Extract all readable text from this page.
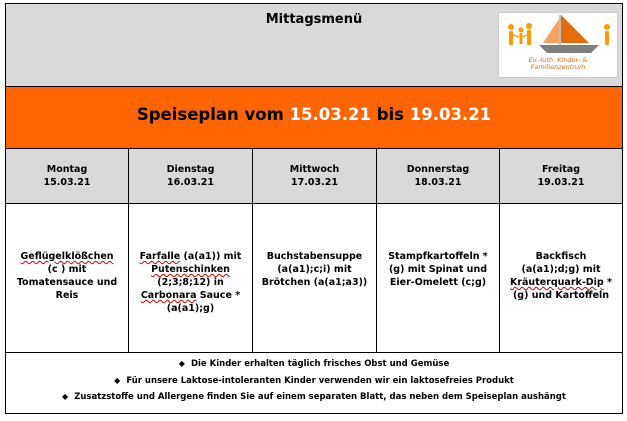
Mittagsmenü
Ev.-luth. Kinder- &
Familienzentrum
........................
Speiseplan vom 15.03.21 bis 19.03.21
Montag
15.03.21
Dienstag
16.03.21
Mittwoch
17.03.21
Donnerstag
18.03.21
Freitag
19.03.21
Geflügelklößchen
(c ) mit
Tomatensauce und
Reis
Farfalle (a(a1)) mit
Putenschinken
(2;3;8;12) in
Carbonara Sauce *
(a(a1);g)
Buchstabensuppe
(a(a1);c;i) mit
Brötchen (a(a1;a3))
Stampfkartoffeln *
(g) mit Spinat und
Eier-Omelett (c;g)
Backfisch
(a(a1);d;g) mit
Kräuterquark-Dip *
(g) und Kartoffeln
◆ Die Kinder erhalten täglich frisches Obst und Gemüse
◆ Für unsere Laktose-intoleranten Kinder verwenden wir ein laktosefreies Produkt
◆ Zusatzstoffe und Allergene finden Sie auf einem separaten Blatt, das neben dem Speiseplan aushängt
